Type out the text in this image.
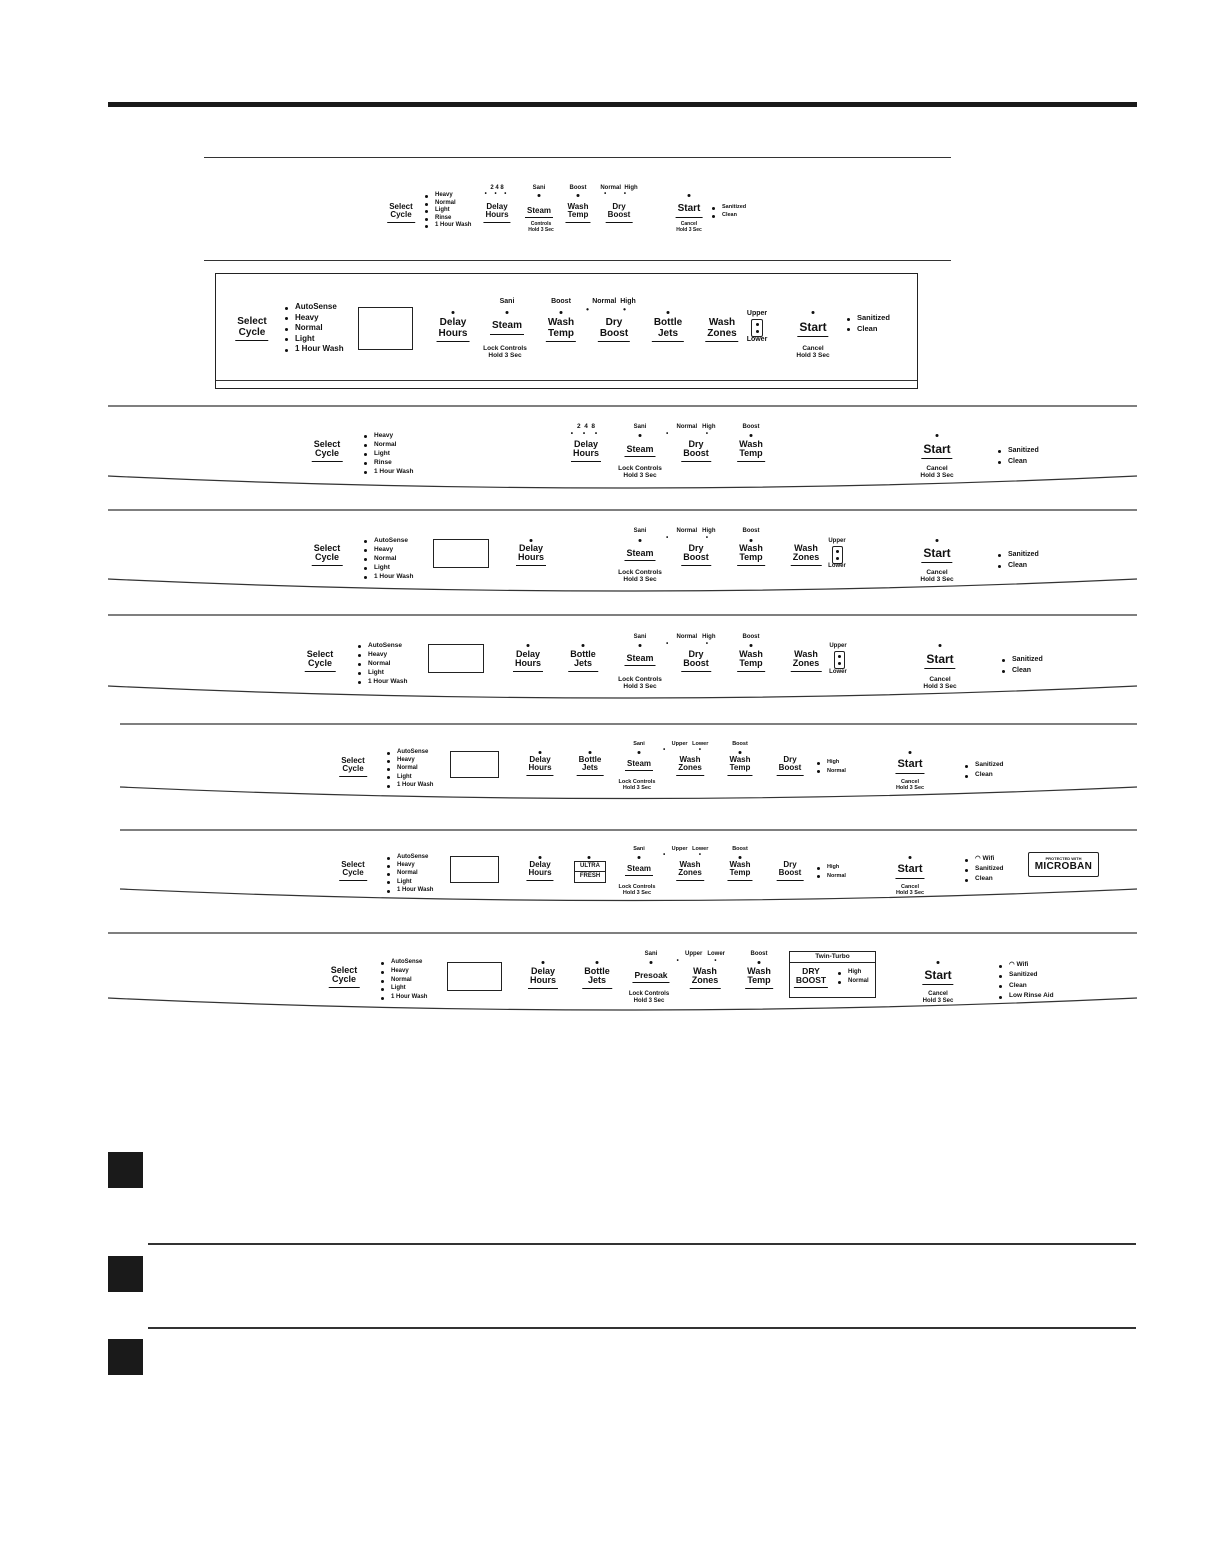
Select
Cycle
Heavy
Normal
Light
Rinse
1 Hour Wash
2 4 8
• • •
Delay
Hours
Sani
Steam
Controls
Hold 3 Sec
Boost
Wash
Temp
Normal  High
• •
Dry
Boost
Start
Cancel
Hold 3 Sec
Sanitized
Clean
Select
Cycle
AutoSense
Heavy
Normal
Light
1 Hour Wash
Delay
Hours
Sani
Steam
Lock Controls
Hold 3 Sec
Boost
Wash
Temp
Normal  High
• •
Dry
Boost
Bottle
Jets
Wash
Zones
Upper
Lower
Start
Cancel
Hold 3 Sec
Sanitized
Clean
Select
Cycle
Heavy
Normal
Light
Rinse
1 Hour Wash
2  4  8
• • •
Delay
Hours
Sani
Steam
Lock Controls
Hold 3 Sec
Normal   High
• •
Dry
Boost
Boost
Wash
Temp	Start
Cancel
Hold 3 Sec
Sanitized
Clean
Select
Cycle
AutoSense
Heavy
Normal
Light
1 Hour Wash
Delay
Hours
Sani
Steam
Lock Controls
Hold 3 Sec
Normal   High
• •
Dry
Boost
Boost
Wash
Temp
Wash
Zones
Upper
Lower
Start
Cancel
Hold 3 Sec
Sanitized
Clean
Select
Cycle
AutoSense
Heavy
Normal
Light
1 Hour Wash
Delay
Hours
Bottle
Jets
Sani
Steam
Lock Controls
Hold 3 Sec
Normal   High
• •
Dry
Boost
Boost
Wash
Temp
Wash
Zones
Upper
Lower
Start
Cancel
Hold 3 Sec
Sanitized
Clean
Select
Cycle
AutoSense
Heavy
Normal
Light
1 Hour Wash
Delay
Hours
Bottle
Jets
Sani
Steam
Lock Controls
Hold 3 Sec
Upper   Lower
• •
Wash
Zones
Boost
Wash
Temp
Dry
Boost
High
Normal
Start
Cancel
Hold 3 Sec
Sanitized
Clean
Select
Cycle
AutoSense
Heavy
Normal
Light
1 Hour Wash
Delay
Hours
ULTRA
FRESH
Sani
Steam
Lock Controls
Hold 3 Sec
Upper   Lower
• •
Wash
Zones
Boost
Wash
Temp
Dry
Boost
High
Normal
Start
Cancel
Hold 3 Sec
◠ Wifi
Sanitized
Clean
PROTECTED WITH
MICROBAN
Select
Cycle
AutoSense
Heavy
Normal
Light
1 Hour Wash
Delay
Hours
Bottle
Jets
Sani
Presoak
Lock Controls
Hold 3 Sec
Upper   Lower
• •
Wash
Zones
Boost
Wash
Temp
Twin-Turbo
DRY
BOOST
High
Normal	Start
Cancel
Hold 3 Sec
◠ Wifi
Sanitized
Clean
Low Rinse Aid
